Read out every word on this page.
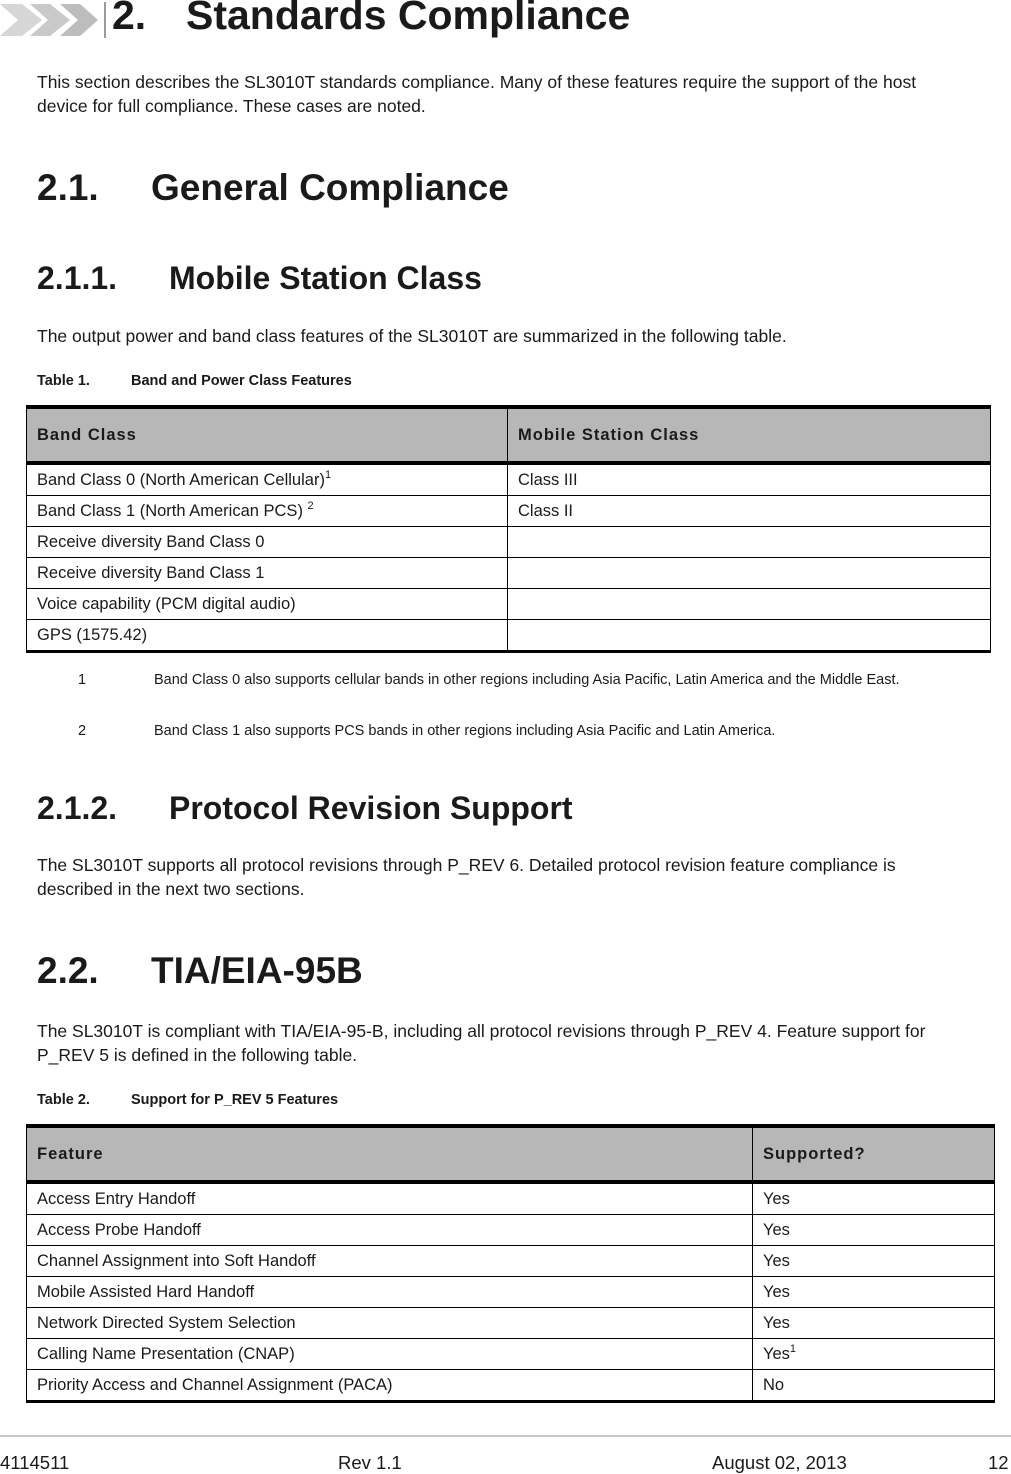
2. Standards Compliance

This section describes the SL3010T standards compliance. Many of these features require the support of the host device for full compliance. These cases are noted.

2.1. General Compliance
2.1.1. Mobile Station Class

The output power and band class features of the SL3010T are summarized in the following table.

Table 1.	Band and Power Class Features
Band Class	Mobile Station Class
Band Class 0 (North American Cellular)$^1$	Class III
Band Class 1 (North American PCS) $^2$	Class II
Receive diversity Band Class 0	
Receive diversity Band Class 1	
Voice capability (PCM digital audio)	
GPS (1575.42)	
1	Band Class 0 also supports cellular bands in other regions including Asia Pacific, Latin America and the Middle East.
2	Band Class 1 also supports PCS bands in other regions including Asia Pacific and Latin America.
2.1.2. Protocol Revision Support

The SL3010T supports all protocol revisions through P_REV 6. Detailed protocol revision feature compliance is described in the next two sections.

2.2. TIA/EIA-95B

The SL3010T is compliant with TIA/EIA-95-B, including all protocol revisions through P_REV 4. Feature support for P_REV 5 is defined in the following table.

Table 2.	Support for P_REV 5 Features
Feature	Supported?
Access Entry Handoff	Yes
Access Probe Handoff	Yes
Channel Assignment into Soft Handoff	Yes
Mobile Assisted Hard Handoff	Yes
Network Directed System Selection	Yes
Calling Name Presentation (CNAP)	Yes$^1$
Priority Access and Channel Assignment (PACA)	No
4114511	Rev 1.1	August 02, 2013	12
